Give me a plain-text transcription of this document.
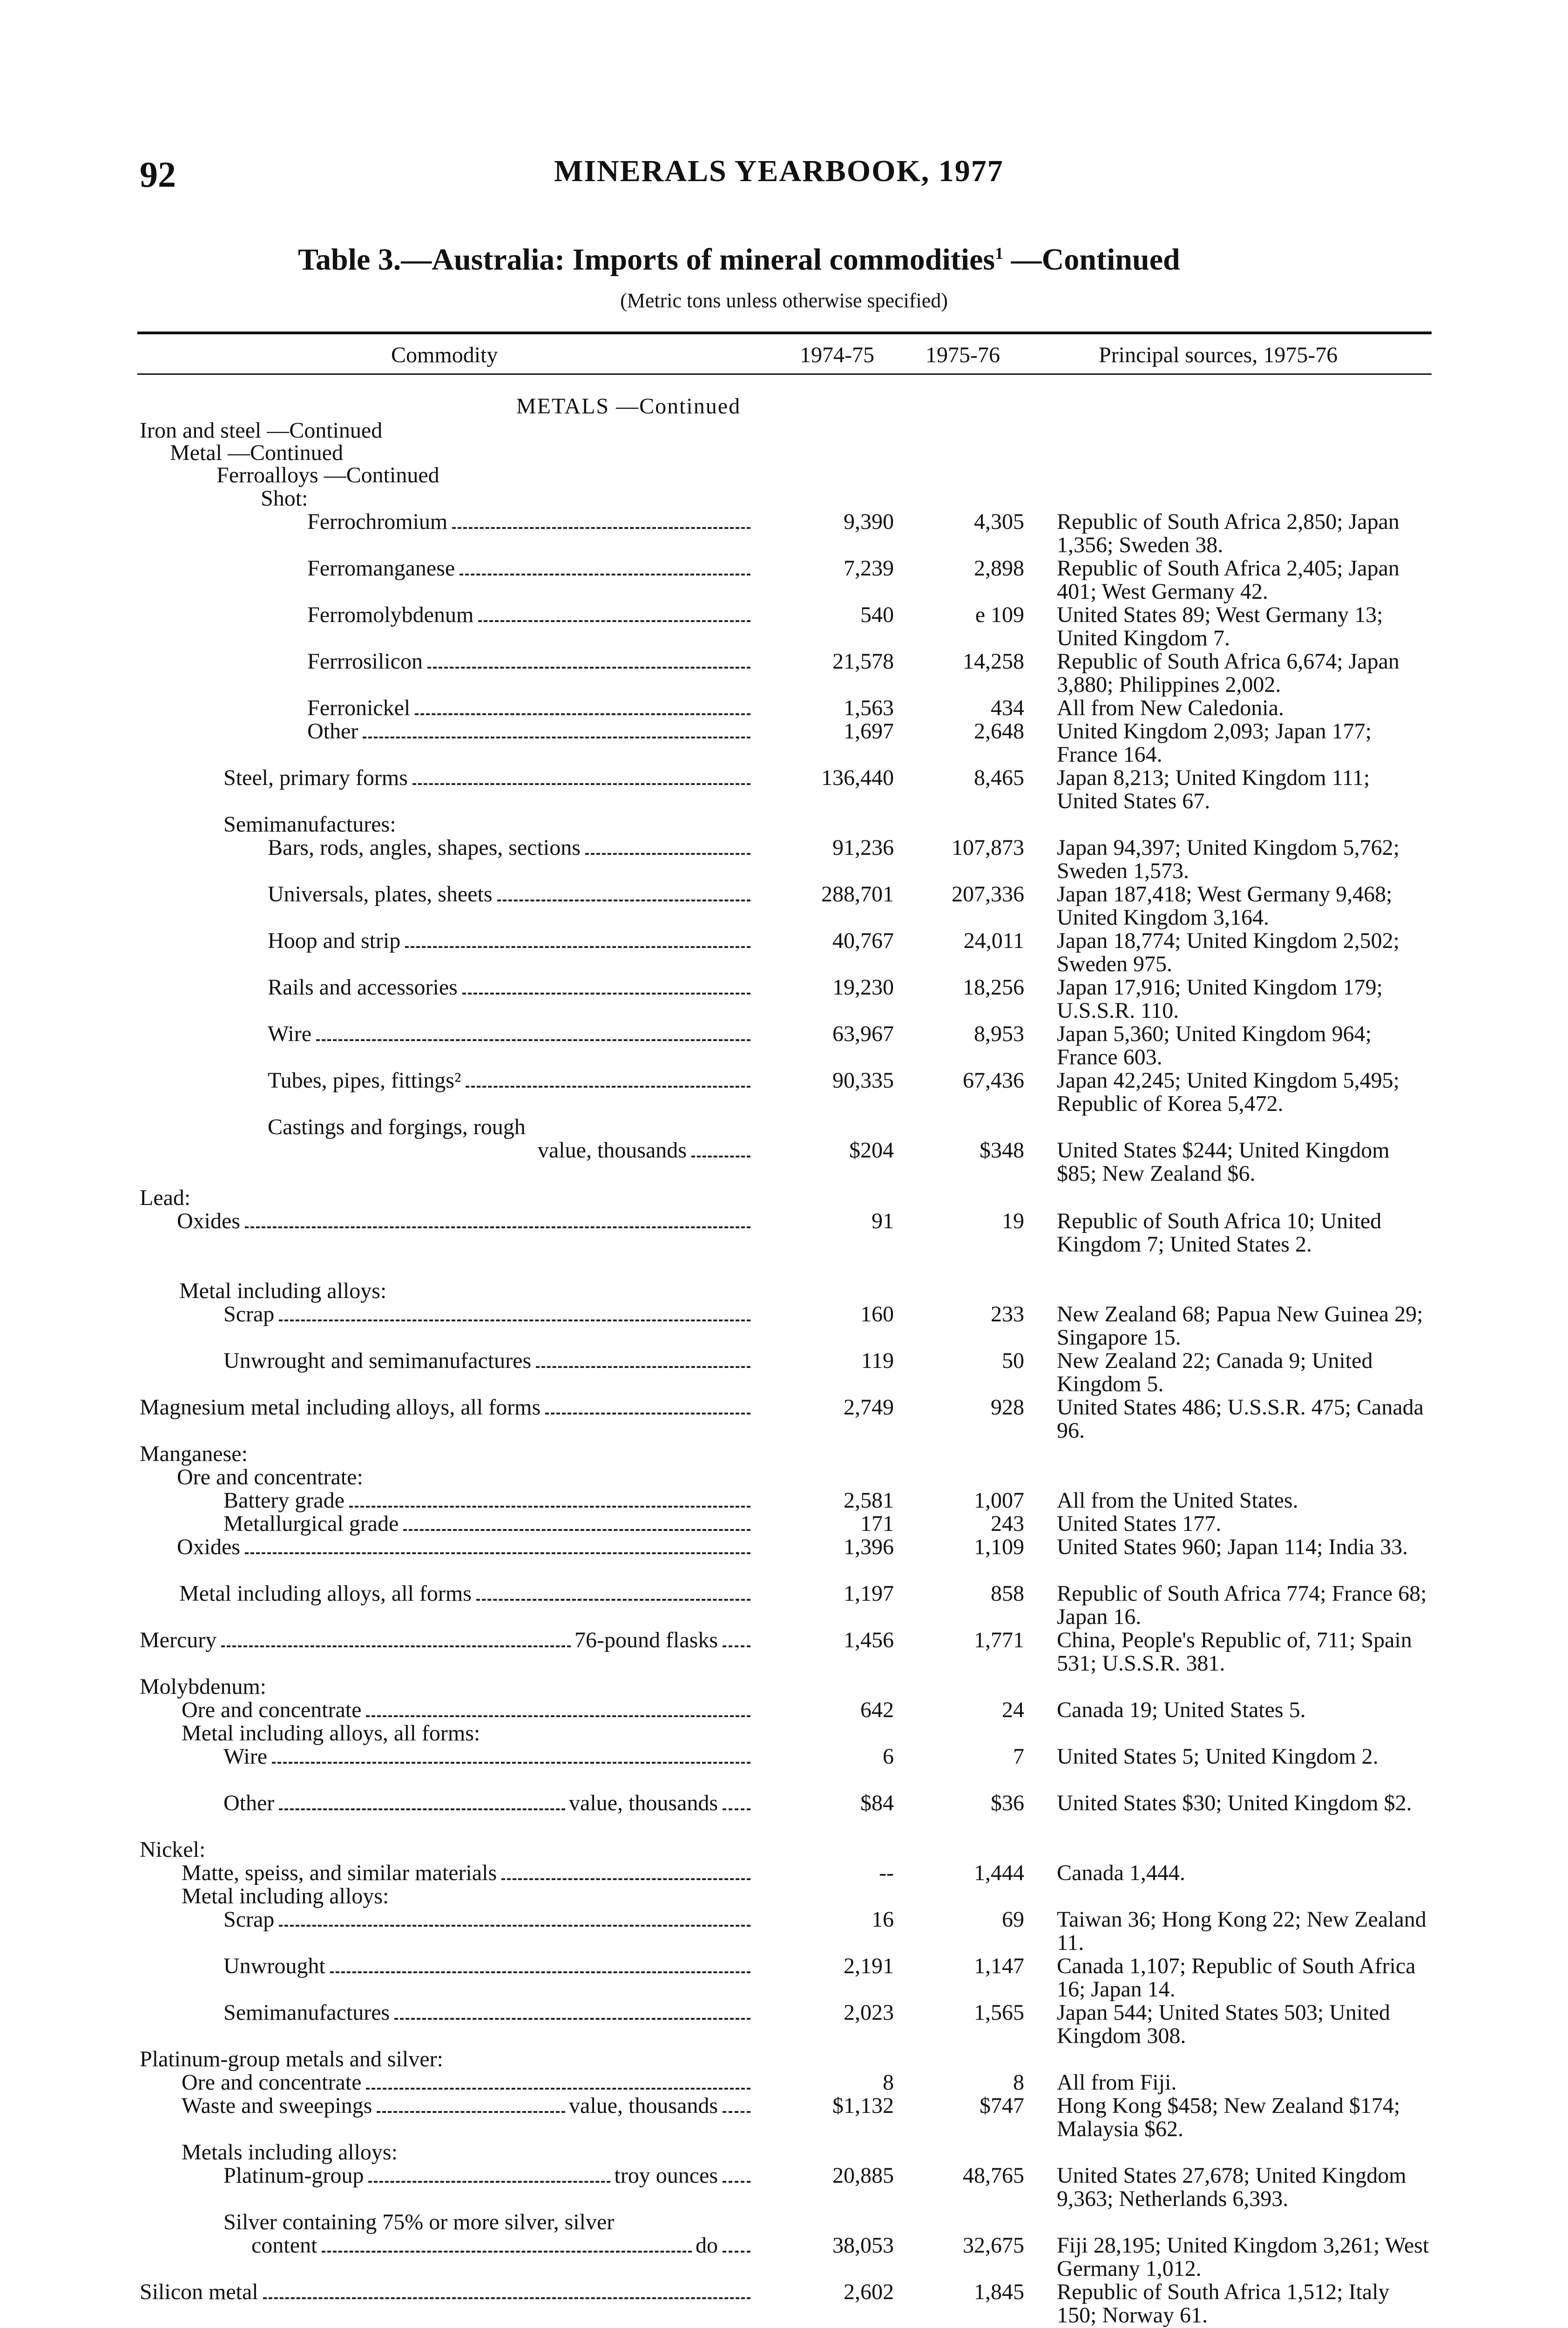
92	MINERALS YEARBOOK, 1977
Table 3.—Australia: Imports of mineral commodities$^1$ —Continued
(Metric tons unless otherwise specified)
Commodity	1974-75 1975-76	Principal sources, 1975-76
METALS —Continued
Iron and steel —Continued
Metal —Continued
Ferroalloys —Continued
Shot:
Ferrochromium	9,390	4,305 Republic of South Africa 2,850; Japan 1,356; Sweden 38.
Ferromanganese	7,239	2,898 Republic of South Africa 2,405; Japan 401; West Germany 42.
Ferromolybdenum	540	e 109 United States 89; West Germany 13; United Kingdom 7.
Ferrrosilicon	21,578	14,258 Republic of South Africa 6,674; Japan 3,880; Philippines 2,002.
Ferronickel	1,563	434 All from New Caledonia.
Other	1,697	2,648 United Kingdom 2,093; Japan 177; France 164.
Steel, primary forms	136,440	8,465 Japan 8,213; United Kingdom 111; United States 67.
Semimanufactures:
Bars, rods, angles, shapes, sections	91,236	107,873 Japan 94,397; United Kingdom 5,762; Sweden 1,573.
Universals, plates, sheets	288,701	207,336 Japan 187,418; West Germany 9,468; United Kingdom 3,164.
Hoop and strip	40,767	24,011 Japan 18,774; United Kingdom 2,502; Sweden 975.
Rails and accessories	19,230	18,256 Japan 17,916; United Kingdom 179; U.S.S.R. 110.
Wire	63,967	8,953 Japan 5,360; United Kingdom 964; France 603.
Tubes, pipes, fittings²	90,335	67,436 Japan 42,245; United Kingdom 5,495; Republic of Korea 5,472.
Castings and forgings, rough
value, thousands	$204	$348 United States $244; United Kingdom $85; New Zealand $6.
Lead:
Oxides	91	19 Republic of South Africa 10; United Kingdom 7; United States 2.
Metal including alloys:
Scrap	160	233 New Zealand 68; Papua New Guinea 29; Singapore 15.
Unwrought and semimanufactures	119	50 New Zealand 22; Canada 9; United Kingdom 5.
Magnesium metal including alloys, all forms	2,749	928 United States 486; U.S.S.R. 475; Canada 96.
Manganese:
Ore and concentrate:
Battery grade	2,581	1,007 All from the United States.
Metallurgical grade	171	243 United States 177.
Oxides	1,396	1,109 United States 960; Japan 114; India 33.
Metal including alloys, all forms	1,197	858 Republic of South Africa 774; France 68; Japan 16.
Mercury	76-pound flasks	1,456	1,771 China, People's Republic of, 711; Spain 531; U.S.S.R. 381.
Molybdenum:
Ore and concentrate	642	24 Canada 19; United States 5.
Metal including alloys, all forms:
Wire	6	7 United States 5; United Kingdom 2.
Other	value, thousands	$84	$36 United States $30; United Kingdom $2.
Nickel:
Matte, speiss, and similar materials	--	1,444 Canada 1,444.
Metal including alloys:
Scrap	16	69 Taiwan 36; Hong Kong 22; New Zealand 11.
Unwrought	2,191	1,147 Canada 1,107; Republic of South Africa 16; Japan 14.
Semimanufactures	2,023	1,565 Japan 544; United States 503; United Kingdom 308.
Platinum-group metals and silver:
Ore and concentrate	8	8 All from Fiji.
Waste and sweepings	value, thousands	$1,132	$747 Hong Kong $458; New Zealand $174; Malaysia $62.
Metals including alloys:
Platinum-group	troy ounces	20,885	48,765 United States 27,678; United Kingdom 9,363; Netherlands 6,393.
Silver containing 75% or more silver, silver
content	do	38,053	32,675 Fiji 28,195; United Kingdom 3,261; West Germany 1,012.
Silicon metal	2,602	1,845 Republic of South Africa 1,512; Italy 150; Norway 61.
